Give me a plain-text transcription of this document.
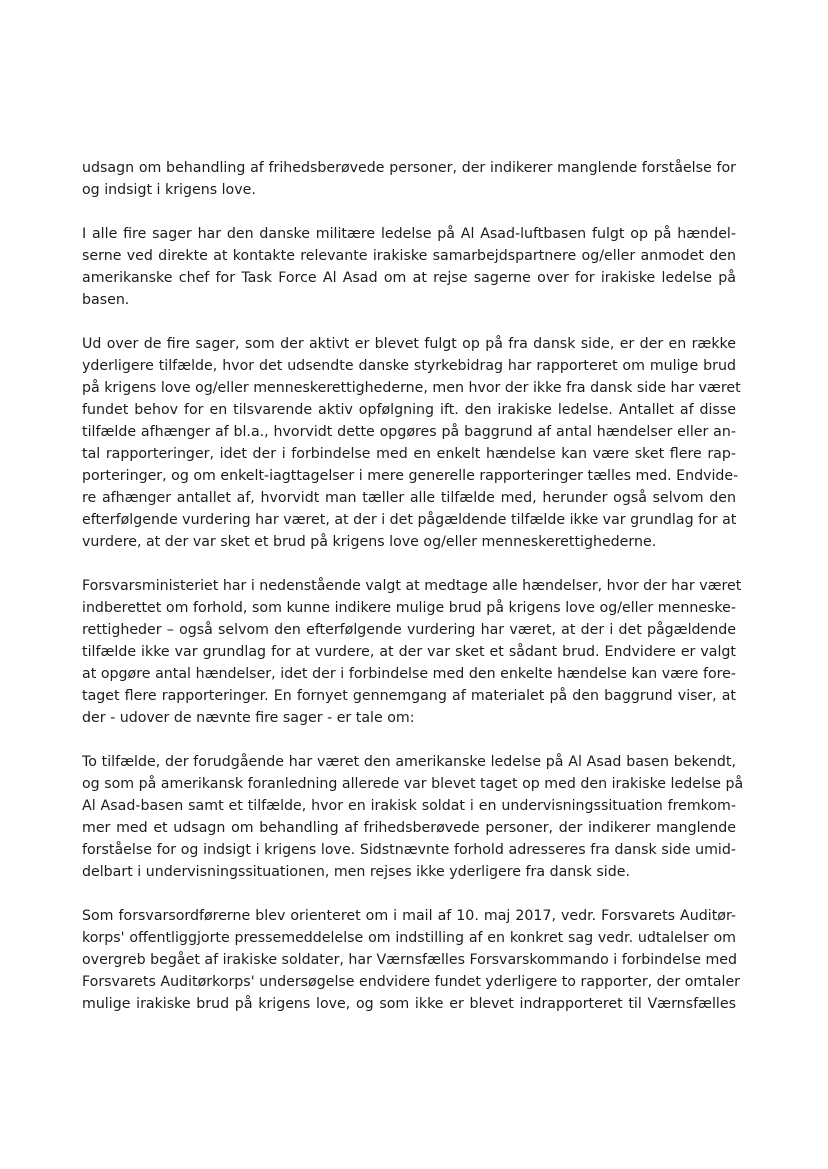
udsagn om behandling af frihedsberøvede personer, der indikerer manglende forståelse for
og indsigt i krigens love.
I alle fire sager har den danske militære ledelse på Al Asad-luftbasen fulgt op på hændel-
serne ved direkte at kontakte relevante irakiske samarbejdspartnere og/eller anmodet den
amerikanske chef for Task Force Al Asad om at rejse sagerne over for irakiske ledelse på
basen.
Ud over de fire sager, som der aktivt er blevet fulgt op på fra dansk side, er der en række
yderligere tilfælde, hvor det udsendte danske styrkebidrag har rapporteret om mulige brud
på krigens love og/eller menneskerettighederne, men hvor der ikke fra dansk side har været
fundet behov for en tilsvarende aktiv opfølgning ift. den irakiske ledelse. Antallet af disse
tilfælde afhænger af bl.a., hvorvidt dette opgøres på baggrund af antal hændelser eller an-
tal rapporteringer, idet der i forbindelse med en enkelt hændelse kan være sket flere rap-
porteringer, og om enkelt-iagttagelser i mere generelle rapporteringer tælles med. Endvide-
re afhænger antallet af, hvorvidt man tæller alle tilfælde med, herunder også selvom den
efterfølgende vurdering har været, at der i det pågældende tilfælde ikke var grundlag for at
vurdere, at der var sket et brud på krigens love og/eller menneskerettighederne.
Forsvarsministeriet har i nedenstående valgt at medtage alle hændelser, hvor der har været
indberettet om forhold, som kunne indikere mulige brud på krigens love og/eller menneske-
rettigheder – også selvom den efterfølgende vurdering har været, at der i det pågældende
tilfælde ikke var grundlag for at vurdere, at der var sket et sådant brud. Endvidere er valgt
at opgøre antal hændelser, idet der i forbindelse med den enkelte hændelse kan være fore-
taget flere rapporteringer. En fornyet gennemgang af materialet på den baggrund viser, at
der - udover de nævnte fire sager - er tale om:
To tilfælde, der forudgående har været den amerikanske ledelse på Al Asad basen bekendt,
og som på amerikansk foranledning allerede var blevet taget op med den irakiske ledelse på
Al Asad-basen samt et tilfælde, hvor en irakisk soldat i en undervisningssituation fremkom-
mer med et udsagn om behandling af frihedsberøvede personer, der indikerer manglende
forståelse for og indsigt i krigens love. Sidstnævnte forhold adresseres fra dansk side umid-
delbart i undervisningssituationen, men rejses ikke yderligere fra dansk side.
Som forsvarsordførerne blev orienteret om i mail af 10. maj 2017, vedr. Forsvarets Auditør-
korps' offentliggjorte pressemeddelelse om indstilling af en konkret sag vedr. udtalelser om
overgreb begået af irakiske soldater, har Værnsfælles Forsvarskommando i forbindelse med
Forsvarets Auditørkorps' undersøgelse endvidere fundet yderligere to rapporter, der omtaler
mulige irakiske brud på krigens love, og som ikke er blevet indrapporteret til Værnsfælles
